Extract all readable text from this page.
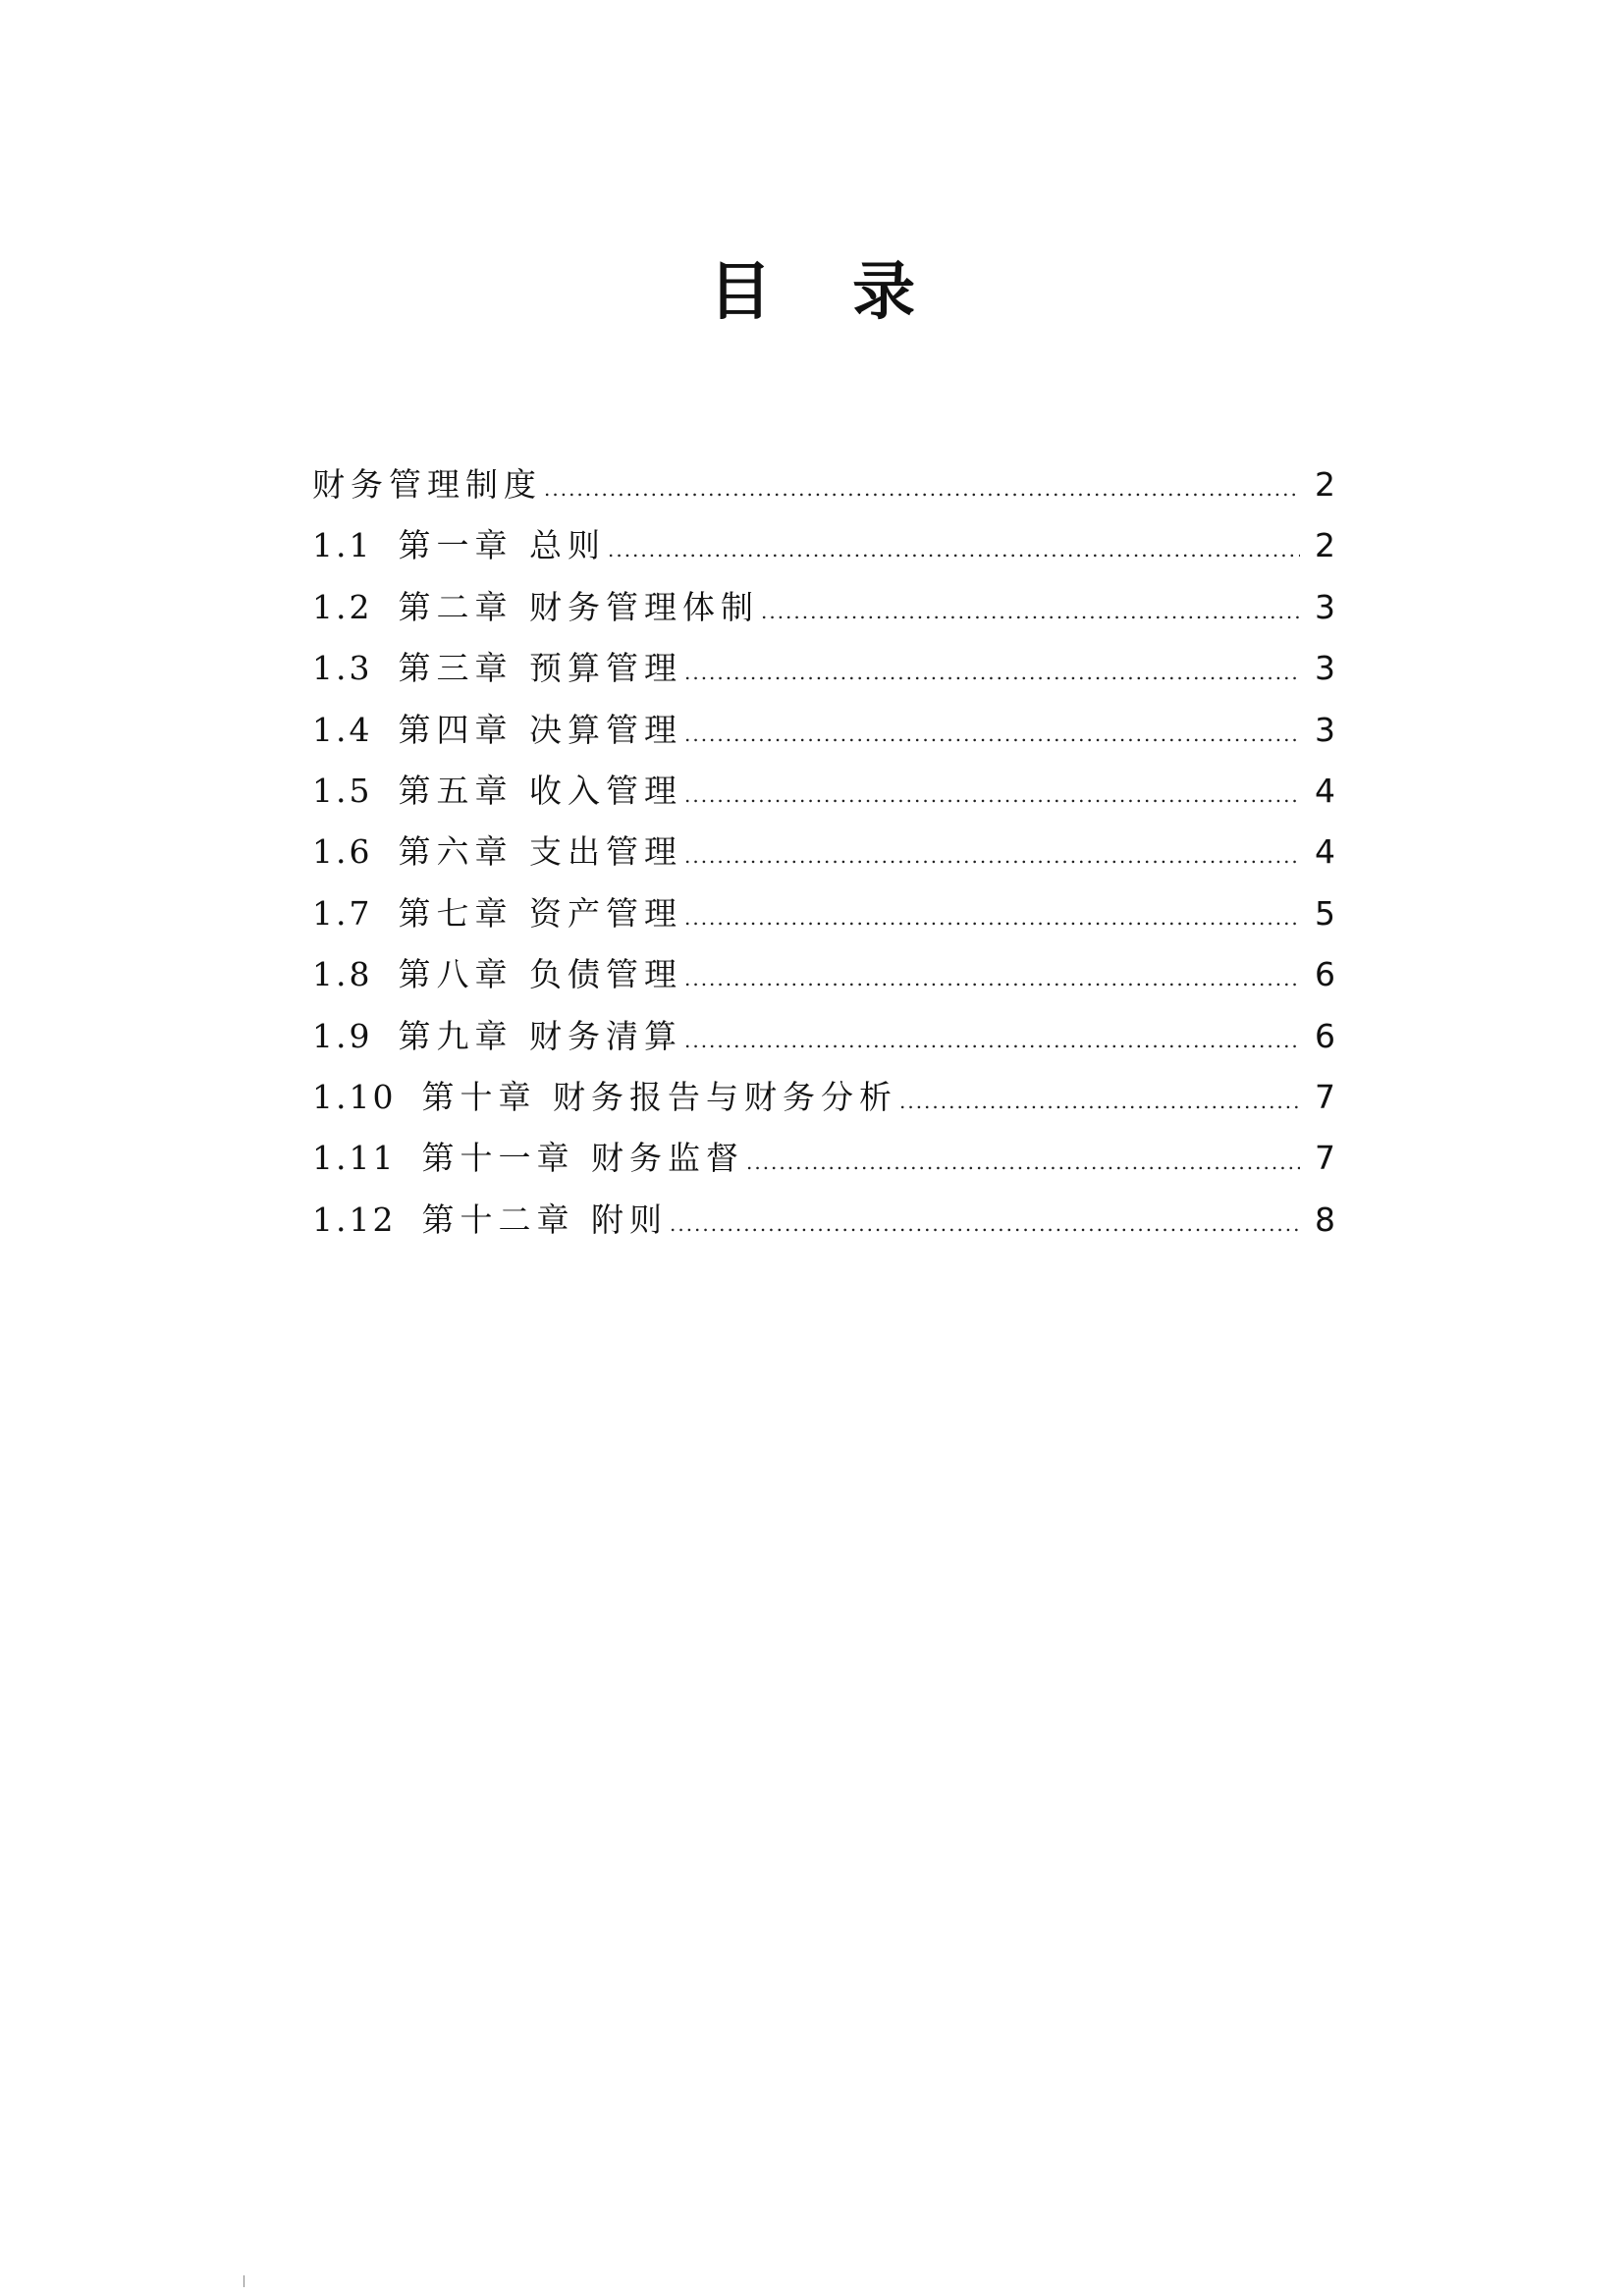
目 录
财务管理制度 .....	2
1.1 第一章 总则 .....	2
1.2 第二章 财务管理体制 .....	3
1.3 第三章 预算管理 .....	3
1.4 第四章 决算管理 .....	3
1.5 第五章 收入管理 .....	4
1.6 第六章 支出管理 .....	4
1.7 第七章 资产管理 .....	5
1.8 第八章 负债管理 .....	6
1.9 第九章 财务清算 .....	6
1.10 第十章 财务报告与财务分析 .....	7
1.11 第十一章 财务监督 .....	7
1.12 第十二章 附则 .....	8
